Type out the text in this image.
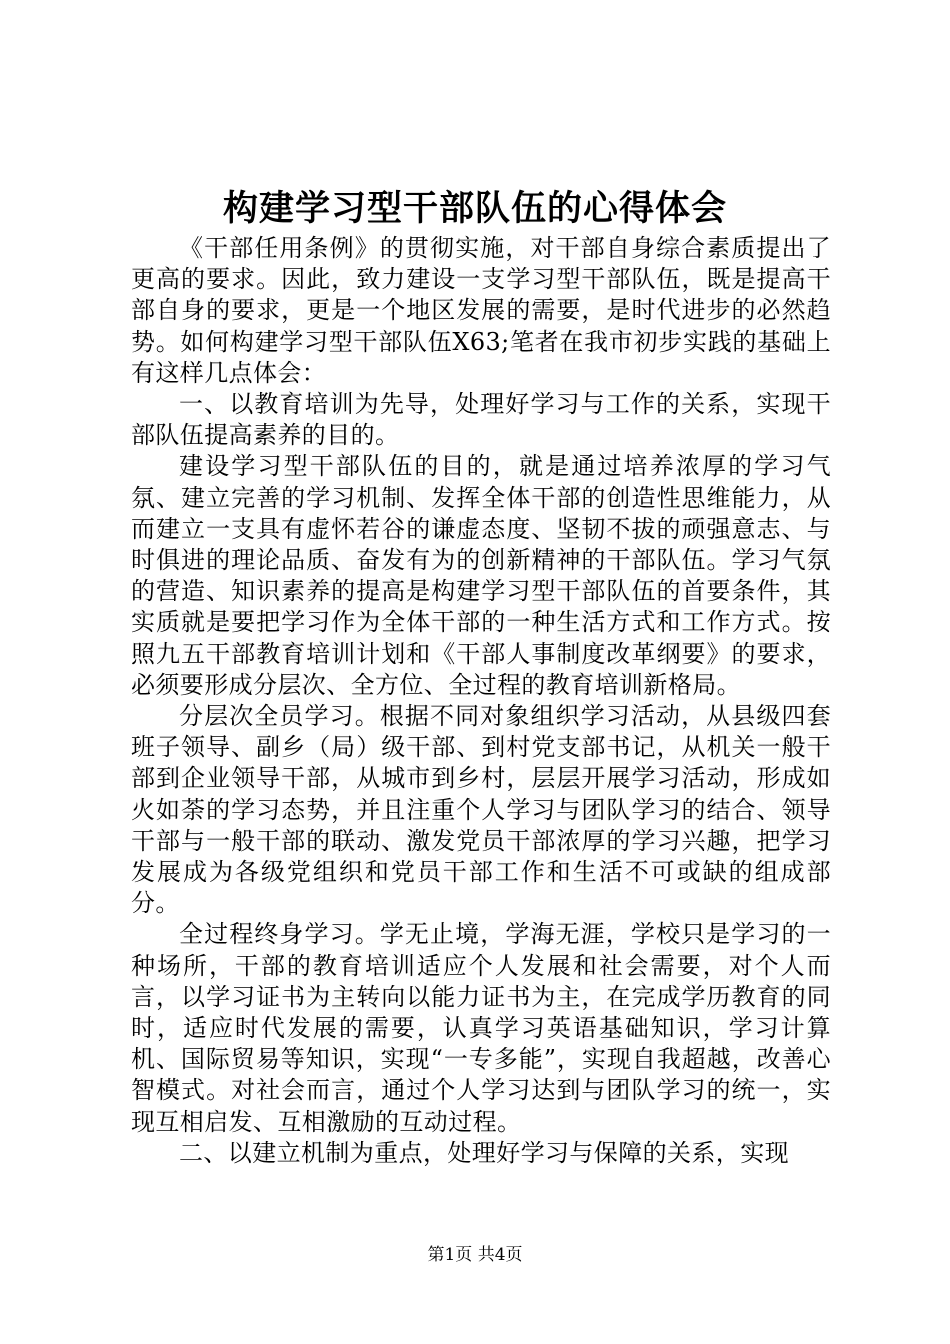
构建学习型干部队伍的心得体会

《干部任用条例》的贯彻实施，对干部自身综合素质提出了更高的要求。因此，致力建设一支学习型干部队伍，既是提高干部自身的要求，更是一个地区发展的需要，是时代进步的必然趋势。如何构建学习型干部队伍X63;笔者在我市初步实践的基础上有这样几点体会：

一、以教育培训为先导，处理好学习与工作的关系，实现干部队伍提高素养的目的。

建设学习型干部队伍的目的，就是通过培养浓厚的学习气氛、建立完善的学习机制、发挥全体干部的创造性思维能力，从而建立一支具有虚怀若谷的谦虚态度、坚韧不拔的顽强意志、与时俱进的理论品质、奋发有为的创新精神的干部队伍。学习气氛的营造、知识素养的提高是构建学习型干部队伍的首要条件，其实质就是要把学习作为全体干部的一种生活方式和工作方式。按照九五干部教育培训计划和《干部人事制度改革纲要》的要求，必须要形成分层次、全方位、全过程的教育培训新格局。

分层次全员学习。根据不同对象组织学习活动，从县级四套班子领导、副乡（局）级干部、到村党支部书记，从机关一般干部到企业领导干部，从城市到乡村，层层开展学习活动，形成如火如荼的学习态势，并且注重个人学习与团队学习的结合、领导干部与一般干部的联动、激发党员干部浓厚的学习兴趣，把学习发展成为各级党组织和党员干部工作和生活不可或缺的组成部分。

全过程终身学习。学无止境，学海无涯，学校只是学习的一种场所，干部的教育培训适应个人发展和社会需要，对个人而言，以学习证书为主转向以能力证书为主，在完成学历教育的同时，适应时代发展的需要，认真学习英语基础知识，学习计算机、国际贸易等知识，实现“一专多能”，实现自我超越，改善心智模式。对社会而言，通过个人学习达到与团队学习的统一，实现互相启发、互相激励的互动过程。

二、以建立机制为重点，处理好学习与保障的关系，实现

第1页 共4页
